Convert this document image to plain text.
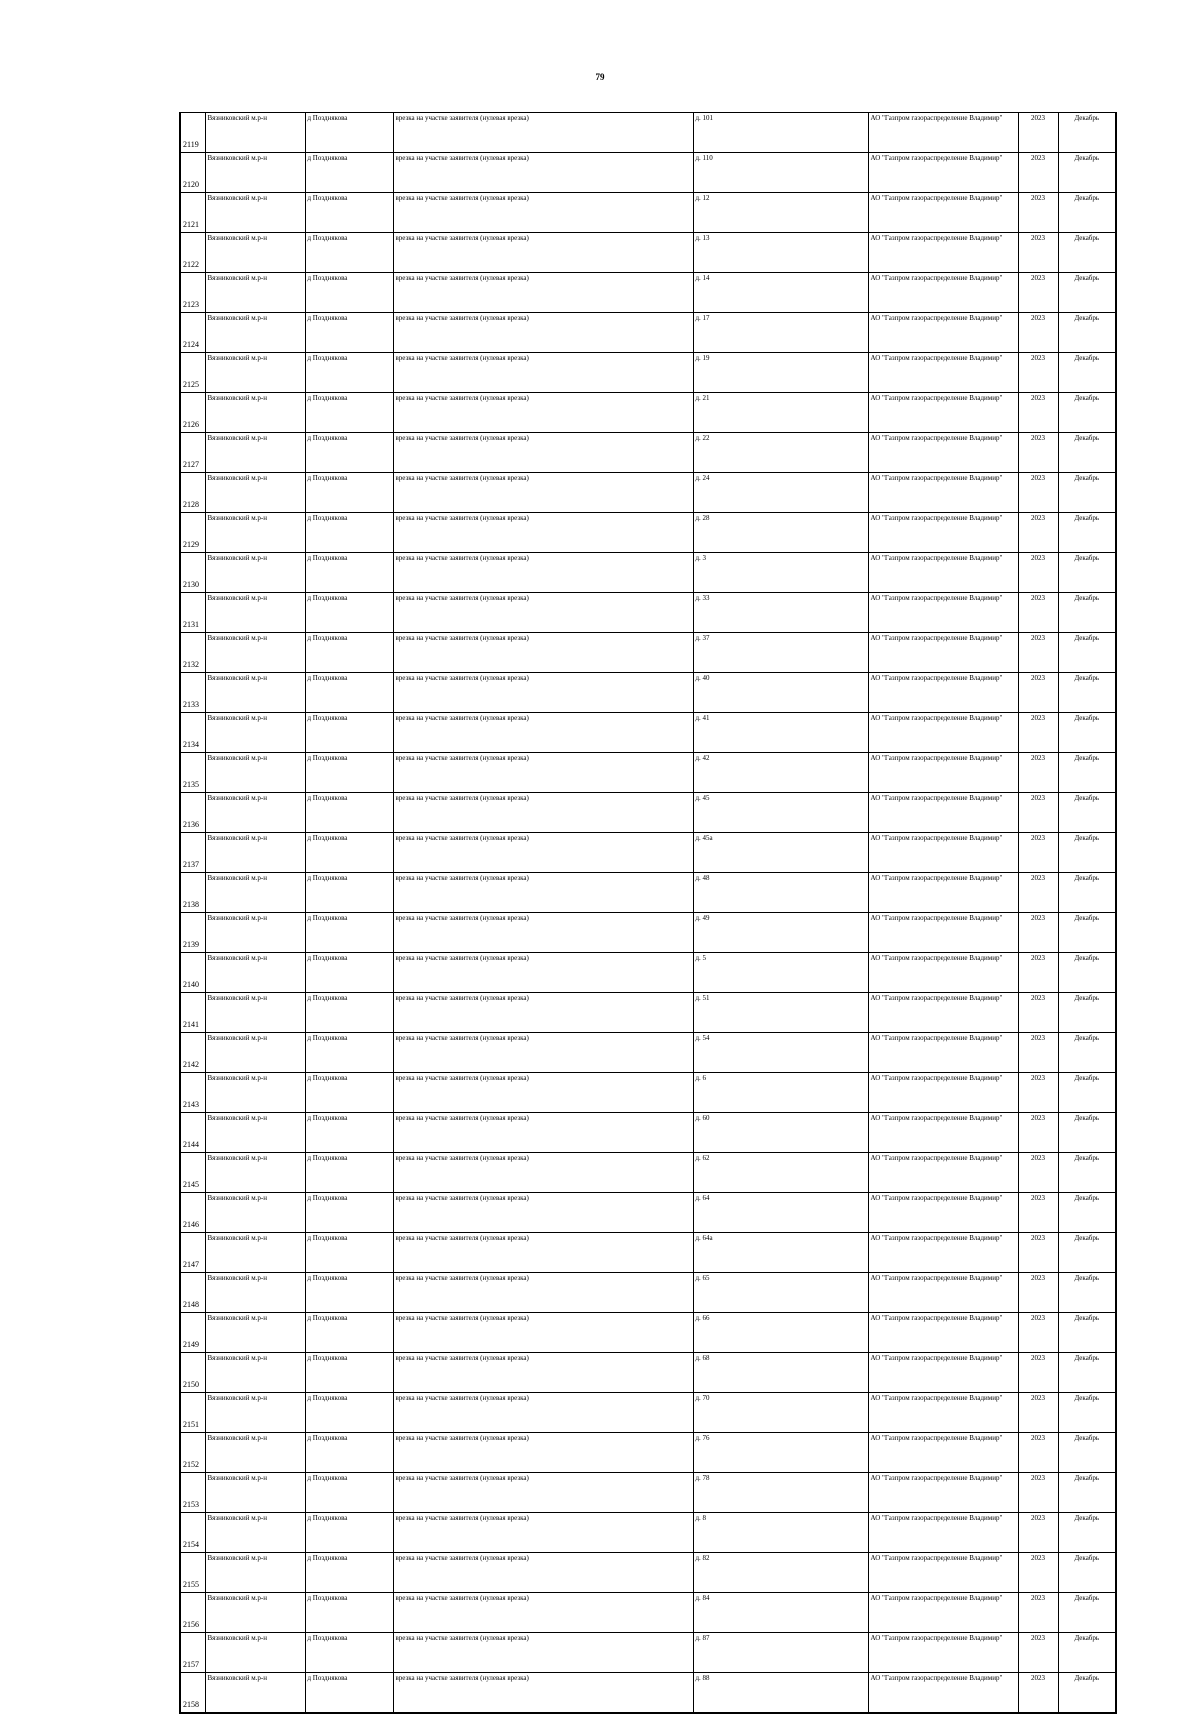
79
2119	Вязниковский м.р-н	д Позднякова	врезка на участке заявителя (нулевая врезка)	д. 101	АО "Газпром газораспределение Владимир"	2023	Декабрь
2120	Вязниковский м.р-н	д Позднякова	врезка на участке заявителя (нулевая врезка)	д. 110	АО "Газпром газораспределение Владимир"	2023	Декабрь
2121	Вязниковский м.р-н	д Позднякова	врезка на участке заявителя (нулевая врезка)	д. 12	АО "Газпром газораспределение Владимир"	2023	Декабрь
2122	Вязниковский м.р-н	д Позднякова	врезка на участке заявителя (нулевая врезка)	д. 13	АО "Газпром газораспределение Владимир"	2023	Декабрь
2123	Вязниковский м.р-н	д Позднякова	врезка на участке заявителя (нулевая врезка)	д. 14	АО "Газпром газораспределение Владимир"	2023	Декабрь
2124	Вязниковский м.р-н	д Позднякова	врезка на участке заявителя (нулевая врезка)	д. 17	АО "Газпром газораспределение Владимир"	2023	Декабрь
2125	Вязниковский м.р-н	д Позднякова	врезка на участке заявителя (нулевая врезка)	д. 19	АО "Газпром газораспределение Владимир"	2023	Декабрь
2126	Вязниковский м.р-н	д Позднякова	врезка на участке заявителя (нулевая врезка)	д. 21	АО "Газпром газораспределение Владимир"	2023	Декабрь
2127	Вязниковский м.р-н	д Позднякова	врезка на участке заявителя (нулевая врезка)	д. 22	АО "Газпром газораспределение Владимир"	2023	Декабрь
2128	Вязниковский м.р-н	д Позднякова	врезка на участке заявителя (нулевая врезка)	д. 24	АО "Газпром газораспределение Владимир"	2023	Декабрь
2129	Вязниковский м.р-н	д Позднякова	врезка на участке заявителя (нулевая врезка)	д. 28	АО "Газпром газораспределение Владимир"	2023	Декабрь
2130	Вязниковский м.р-н	д Позднякова	врезка на участке заявителя (нулевая врезка)	д. 3	АО "Газпром газораспределение Владимир"	2023	Декабрь
2131	Вязниковский м.р-н	д Позднякова	врезка на участке заявителя (нулевая врезка)	д. 33	АО "Газпром газораспределение Владимир"	2023	Декабрь
2132	Вязниковский м.р-н	д Позднякова	врезка на участке заявителя (нулевая врезка)	д. 37	АО "Газпром газораспределение Владимир"	2023	Декабрь
2133	Вязниковский м.р-н	д Позднякова	врезка на участке заявителя (нулевая врезка)	д. 40	АО "Газпром газораспределение Владимир"	2023	Декабрь
2134	Вязниковский м.р-н	д Позднякова	врезка на участке заявителя (нулевая врезка)	д. 41	АО "Газпром газораспределение Владимир"	2023	Декабрь
2135	Вязниковский м.р-н	д Позднякова	врезка на участке заявителя (нулевая врезка)	д. 42	АО "Газпром газораспределение Владимир"	2023	Декабрь
2136	Вязниковский м.р-н	д Позднякова	врезка на участке заявителя (нулевая врезка)	д. 45	АО "Газпром газораспределение Владимир"	2023	Декабрь
2137	Вязниковский м.р-н	д Позднякова	врезка на участке заявителя (нулевая врезка)	д. 45а	АО "Газпром газораспределение Владимир"	2023	Декабрь
2138	Вязниковский м.р-н	д Позднякова	врезка на участке заявителя (нулевая врезка)	д. 48	АО "Газпром газораспределение Владимир"	2023	Декабрь
2139	Вязниковский м.р-н	д Позднякова	врезка на участке заявителя (нулевая врезка)	д. 49	АО "Газпром газораспределение Владимир"	2023	Декабрь
2140	Вязниковский м.р-н	д Позднякова	врезка на участке заявителя (нулевая врезка)	д. 5	АО "Газпром газораспределение Владимир"	2023	Декабрь
2141	Вязниковский м.р-н	д Позднякова	врезка на участке заявителя (нулевая врезка)	д. 51	АО "Газпром газораспределение Владимир"	2023	Декабрь
2142	Вязниковский м.р-н	д Позднякова	врезка на участке заявителя (нулевая врезка)	д. 54	АО "Газпром газораспределение Владимир"	2023	Декабрь
2143	Вязниковский м.р-н	д Позднякова	врезка на участке заявителя (нулевая врезка)	д. 6	АО "Газпром газораспределение Владимир"	2023	Декабрь
2144	Вязниковский м.р-н	д Позднякова	врезка на участке заявителя (нулевая врезка)	д. 60	АО "Газпром газораспределение Владимир"	2023	Декабрь
2145	Вязниковский м.р-н	д Позднякова	врезка на участке заявителя (нулевая врезка)	д. 62	АО "Газпром газораспределение Владимир"	2023	Декабрь
2146	Вязниковский м.р-н	д Позднякова	врезка на участке заявителя (нулевая врезка)	д. 64	АО "Газпром газораспределение Владимир"	2023	Декабрь
2147	Вязниковский м.р-н	д Позднякова	врезка на участке заявителя (нулевая врезка)	д. 64а	АО "Газпром газораспределение Владимир"	2023	Декабрь
2148	Вязниковский м.р-н	д Позднякова	врезка на участке заявителя (нулевая врезка)	д. 65	АО "Газпром газораспределение Владимир"	2023	Декабрь
2149	Вязниковский м.р-н	д Позднякова	врезка на участке заявителя (нулевая врезка)	д. 66	АО "Газпром газораспределение Владимир"	2023	Декабрь
2150	Вязниковский м.р-н	д Позднякова	врезка на участке заявителя (нулевая врезка)	д. 68	АО "Газпром газораспределение Владимир"	2023	Декабрь
2151	Вязниковский м.р-н	д Позднякова	врезка на участке заявителя (нулевая врезка)	д. 70	АО "Газпром газораспределение Владимир"	2023	Декабрь
2152	Вязниковский м.р-н	д Позднякова	врезка на участке заявителя (нулевая врезка)	д. 76	АО "Газпром газораспределение Владимир"	2023	Декабрь
2153	Вязниковский м.р-н	д Позднякова	врезка на участке заявителя (нулевая врезка)	д. 78	АО "Газпром газораспределение Владимир"	2023	Декабрь
2154	Вязниковский м.р-н	д Позднякова	врезка на участке заявителя (нулевая врезка)	д. 8	АО "Газпром газораспределение Владимир"	2023	Декабрь
2155	Вязниковский м.р-н	д Позднякова	врезка на участке заявителя (нулевая врезка)	д. 82	АО "Газпром газораспределение Владимир"	2023	Декабрь
2156	Вязниковский м.р-н	д Позднякова	врезка на участке заявителя (нулевая врезка)	д. 84	АО "Газпром газораспределение Владимир"	2023	Декабрь
2157	Вязниковский м.р-н	д Позднякова	врезка на участке заявителя (нулевая врезка)	д. 87	АО "Газпром газораспределение Владимир"	2023	Декабрь
2158	Вязниковский м.р-н	д Позднякова	врезка на участке заявителя (нулевая врезка)	д. 88	АО "Газпром газораспределение Владимир"	2023	Декабрь
